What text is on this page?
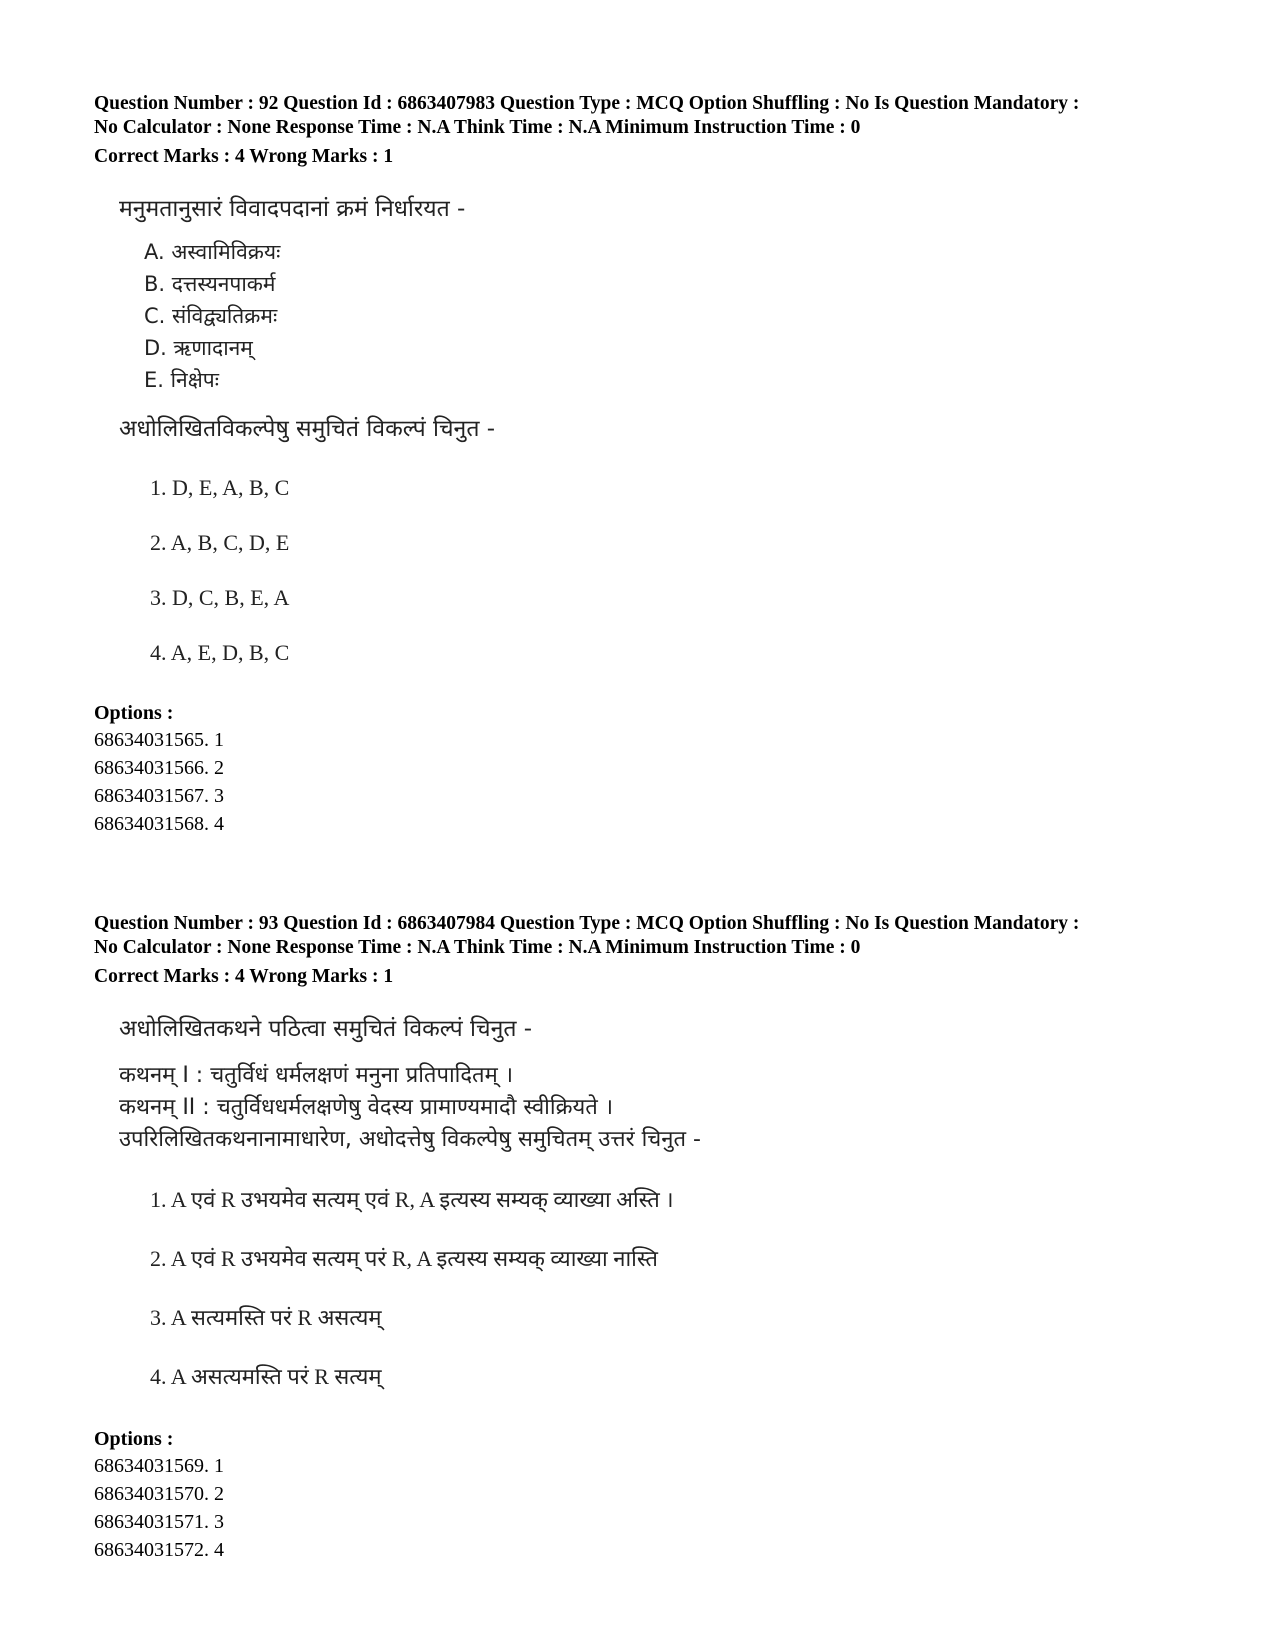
Question Number : 92 Question Id : 6863407983 Question Type : MCQ Option Shuffling : No Is Question Mandatory :
No Calculator : None Response Time : N.A Think Time : N.A Minimum Instruction Time : 0
Correct Marks : 4 Wrong Marks : 1
मनुमतानुसारं विवादपदानां क्रमं निर्धारयत -
A. अस्वामिविक्रयः
B. दत्तस्यनपाकर्म
C. संविद्व्यतिक्रमः
D. ऋणादानम्
E. निक्षेपः
अधोलिखितविकल्पेषु समुचितं विकल्पं चिनुत -
1. D, E, A, B, C
2. A, B, C, D, E
3. D, C, B, E, A
4. A, E, D, B, C
Options :
68634031565. 1
68634031566. 2
68634031567. 3
68634031568. 4
Question Number : 93 Question Id : 6863407984 Question Type : MCQ Option Shuffling : No Is Question Mandatory :
No Calculator : None Response Time : N.A Think Time : N.A Minimum Instruction Time : 0
Correct Marks : 4 Wrong Marks : 1
अधोलिखितकथने पठित्वा समुचितं विकल्पं चिनुत -
कथनम् I : चतुर्विधं धर्मलक्षणं मनुना प्रतिपादितम् ।
कथनम् II : चतुर्विधधर्मलक्षणेषु वेदस्य प्रामाण्यमादौ स्वीक्रियते ।
उपरिलिखितकथनानामाधारेण, अधोदत्तेषु विकल्पेषु समुचितम् उत्तरं चिनुत -
1. A एवं R उभयमेव सत्यम् एवं R, A इत्यस्य सम्यक् व्याख्या अस्ति ।
2. A एवं R उभयमेव सत्यम् परं R, A इत्यस्य सम्यक् व्याख्या नास्ति
3. A सत्यमस्ति परं R असत्यम्
4. A असत्यमस्ति परं R सत्यम्
Options :
68634031569. 1
68634031570. 2
68634031571. 3
68634031572. 4
